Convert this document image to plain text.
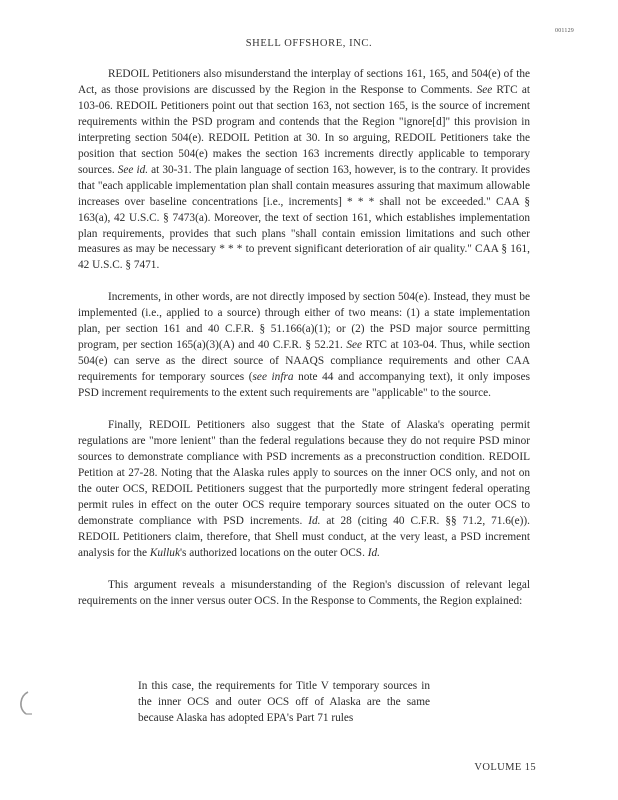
001129
SHELL OFFSHORE, INC.

REDOIL Petitioners also misunderstand the interplay of sections 161, 165, and 504(e) of the Act, as those provisions are discussed by the Region in the Response to Comments. See RTC at 103-06. REDOIL Petitioners point out that section 163, not section 165, is the source of increment requirements within the PSD program and contends that the Region "ignore[d]" this provision in interpreting section 504(e). REDOIL Petition at 30. In so arguing, REDOIL Petitioners take the position that section 504(e) makes the section 163 increments directly applicable to temporary sources. See id. at 30-31. The plain language of section 163, however, is to the contrary. It provides that "each applicable implementation plan shall contain measures assuring that maximum allowable increases over baseline concentrations [i.e., increments] * * * shall not be exceeded." CAA § 163(a), 42 U.S.C. § 7473(a). Moreover, the text of section 161, which establishes implementation plan requirements, provides that such plans "shall contain emission limitations and such other measures as may be necessary * * * to prevent significant deterioration of air quality." CAA § 161, 42 U.S.C. § 7471.

Increments, in other words, are not directly imposed by section 504(e). Instead, they must be implemented (i.e., applied to a source) through either of two means: (1) a state implementation plan, per section 161 and 40 C.F.R. § 51.166(a)(1); or (2) the PSD major source permitting program, per section 165(a)(3)(A) and 40 C.F.R. § 52.21. See RTC at 103-04. Thus, while section 504(e) can serve as the direct source of NAAQS compliance requirements and other CAA requirements for temporary sources (see infra note 44 and accompanying text), it only imposes PSD increment requirements to the extent such requirements are "applicable" to the source.

Finally, REDOIL Petitioners also suggest that the State of Alaska's operating permit regulations are "more lenient" than the federal regulations because they do not require PSD minor sources to demonstrate compliance with PSD increments as a preconstruction condition. REDOIL Petition at 27-28. Noting that the Alaska rules apply to sources on the inner OCS only, and not on the outer OCS, REDOIL Petitioners suggest that the purportedly more stringent federal operating permit rules in effect on the outer OCS require temporary sources situated on the outer OCS to demonstrate compliance with PSD increments. Id. at 28 (citing 40 C.F.R. §§ 71.2, 71.6(e)). REDOIL Petitioners claim, therefore, that Shell must conduct, at the very least, a PSD increment analysis for the Kulluk's authorized locations on the outer OCS. Id.

This argument reveals a misunderstanding of the Region's discussion of relevant legal requirements on the inner versus outer OCS. In the Response to Comments, the Region explained:

In this case, the requirements for Title V temporary sources in the inner OCS and outer OCS off of Alaska are the same because Alaska has adopted EPA's Part 71 rules

VOLUME 15
